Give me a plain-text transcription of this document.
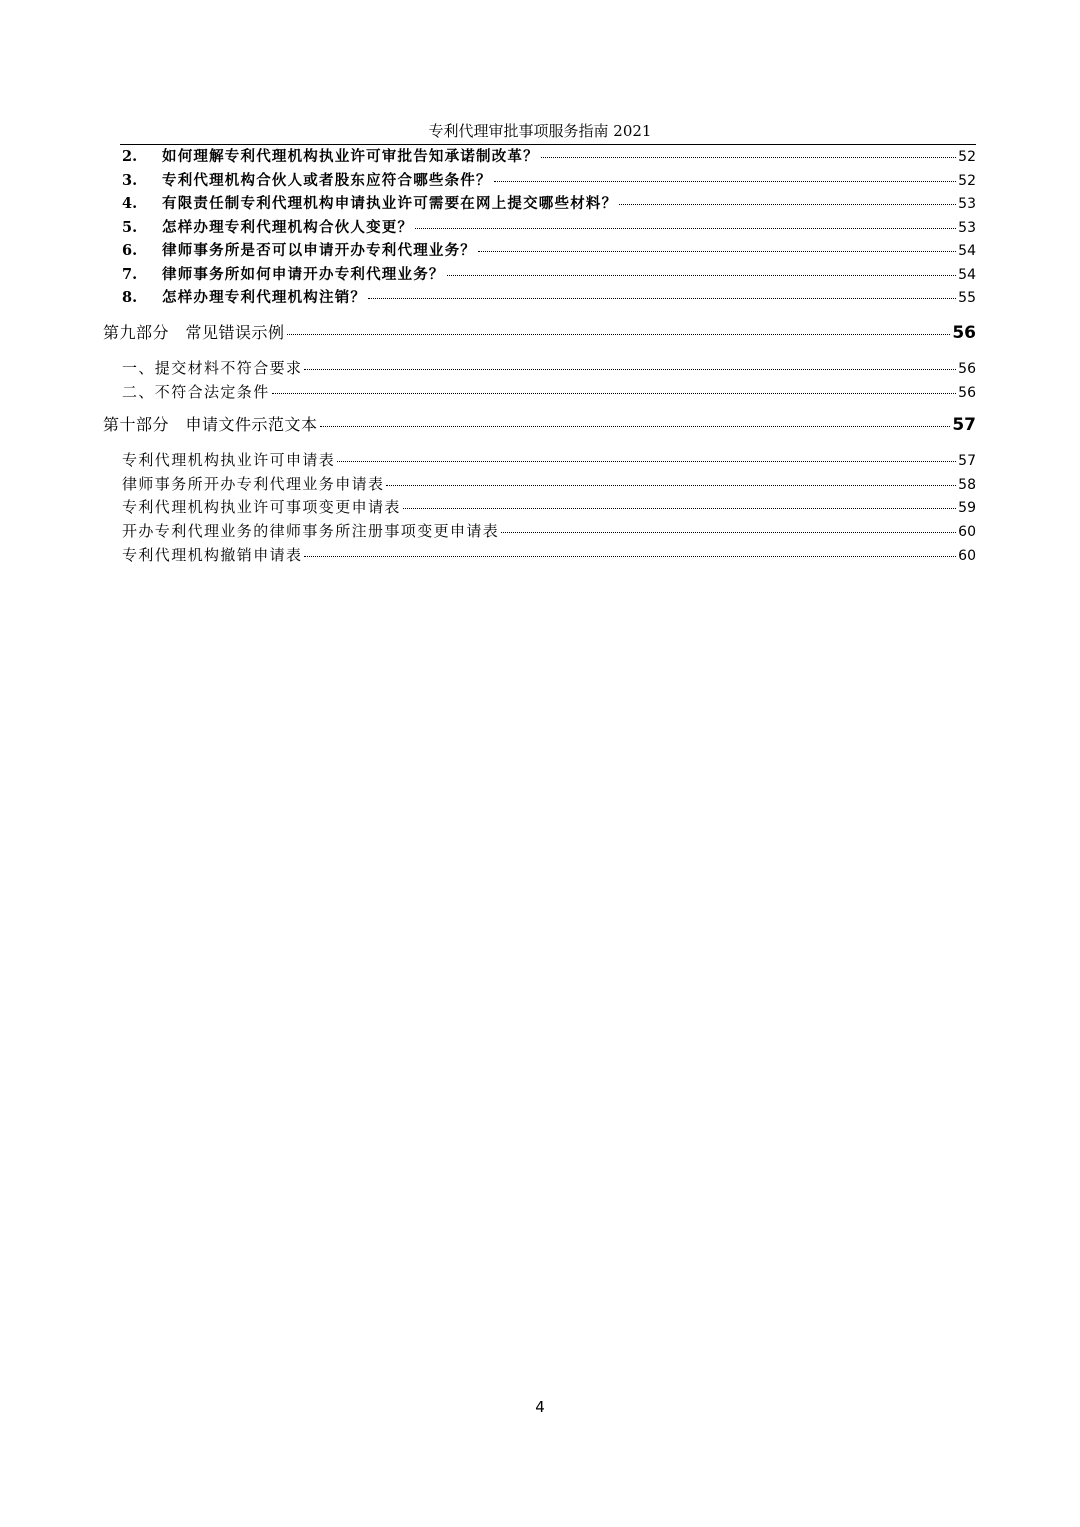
专利代理审批事项服务指南 2021
2.	如何理解专利代理机构执业许可审批告知承诺制改革？	52
3.	专利代理机构合伙人或者股东应符合哪些条件？	52
4.	有限责任制专利代理机构申请执业许可需要在网上提交哪些材料？	53
5.	怎样办理专利代理机构合伙人变更？	53
6.	律师事务所是否可以申请开办专利代理业务？	54
7.	律师事务所如何申请开办专利代理业务？	54
8.	怎样办理专利代理机构注销？	55
第九部分　常见错误示例	56
一、提交材料不符合要求	56
二、不符合法定条件	56
第十部分　申请文件示范文本	57
专利代理机构执业许可申请表	57
律师事务所开办专利代理业务申请表	58
专利代理机构执业许可事项变更申请表	59
开办专利代理业务的律师事务所注册事项变更申请表	60
专利代理机构撤销申请表	60
4
